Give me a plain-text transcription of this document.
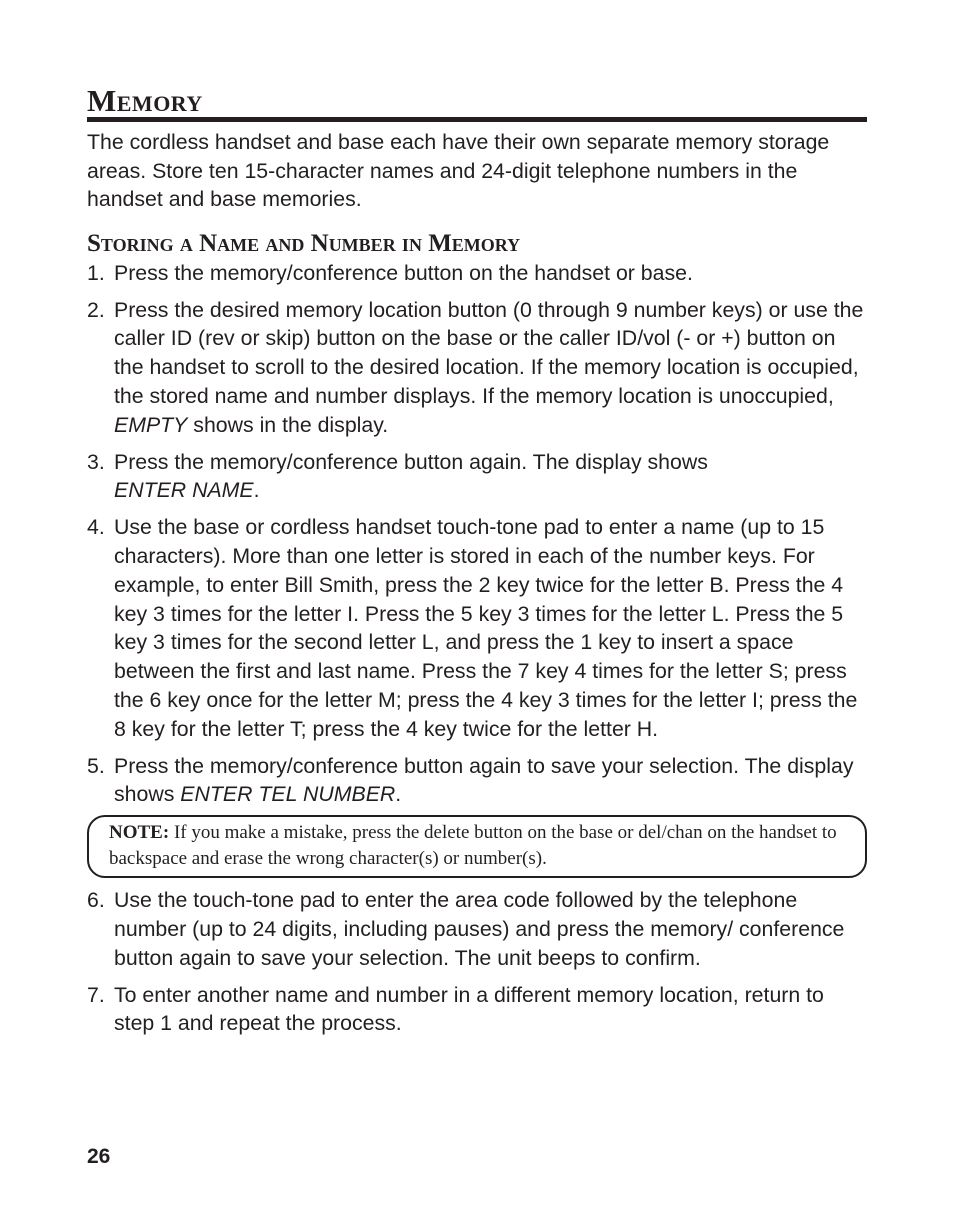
Memory

The cordless handset and base each have their own separate memory storage areas. Store ten 15-character names and 24-digit telephone numbers in the handset and base memories.

Storing a Name and Number in Memory
1. Press the memory/conference button on the handset or base.
2. Press the desired memory location button (0 through 9 number keys) or use the caller ID (rev or skip) button on the base or the caller ID/vol (- or +) button on the handset to scroll to the desired location. If the memory location is occupied, the stored name and number displays. If the memory location is unoccupied, EMPTY shows in the display.
3. Press the memory/conference button again. The display shows
ENTER NAME.
4. Use the base or cordless handset touch-tone pad to enter a name (up to 15 characters). More than one letter is stored in each of the number keys. For example, to enter Bill Smith, press the 2 key twice for the letter B. Press the 4 key 3 times for the letter I. Press the 5 key 3 times for the letter L. Press the 5 key 3 times for the second letter L, and press the 1 key to insert a space between the first and last name. Press the 7 key 4 times for the letter S; press the 6 key once for the letter M; press the 4 key 3 times for the letter I; press the 8 key for the letter T; press the 4 key twice for the letter H.
5. Press the memory/conference button again to save your selection. The display shows ENTER TEL NUMBER.
NOTE: If you make a mistake, press the delete button on the base or del/chan on the handset to backspace and erase the wrong character(s) or number(s).
6. Use the touch-tone pad to enter the area code followed by the telephone number (up to 24 digits, including pauses) and press the memory/ conference button again to save your selection. The unit beeps to confirm.
7. To enter another name and number in a different memory location, return to step 1 and repeat the process.
26
